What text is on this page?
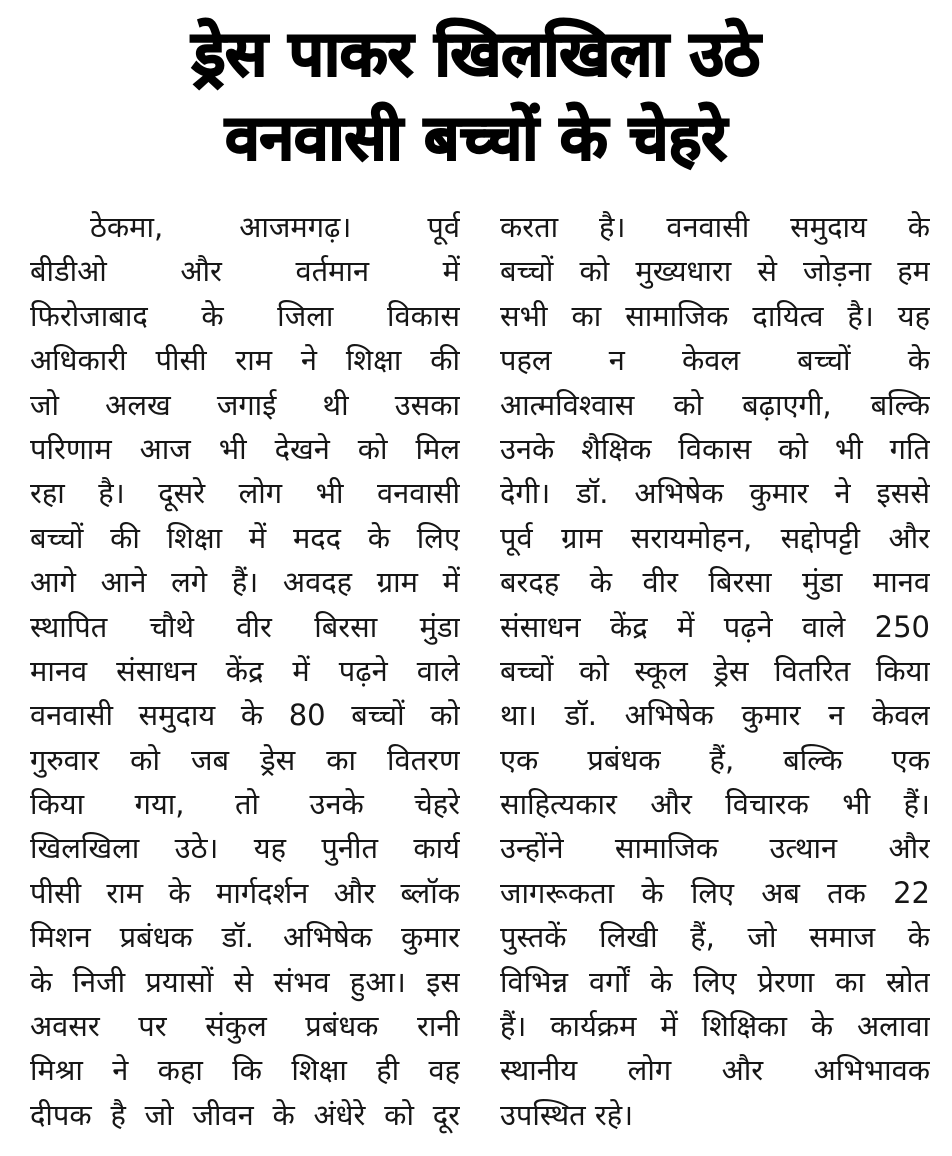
ड्रेस पाकर खिलखिला उठे
वनवासी बच्चों के चेहरे
ठेकमा, आजमगढ़। पूर्व
बीडीओ और वर्तमान में
फिरोजाबाद के जिला विकास
अधिकारी पीसी राम ने शिक्षा की
जो अलख जगाई थी उसका
परिणाम आज भी देखने को मिल
रहा है। दूसरे लोग भी वनवासी
बच्चों की शिक्षा में मदद के लिए
आगे आने लगे हैं। अवदह ग्राम में
स्थापित चौथे वीर बिरसा मुंडा
मानव संसाधन केंद्र में पढ़ने वाले
वनवासी समुदाय के 80 बच्चों को
गुरुवार को जब ड्रेस का वितरण
किया गया, तो उनके चेहरे
खिलखिला उठे। यह पुनीत कार्य
पीसी राम के मार्गदर्शन और ब्लॉक
मिशन प्रबंधक डॉ. अभिषेक कुमार
के निजी प्रयासों से संभव हुआ। इस
अवसर पर संकुल प्रबंधक रानी
मिश्रा ने कहा कि शिक्षा ही वह
दीपक है जो जीवन के अंधेरे को दूर
करता है। वनवासी समुदाय के
बच्चों को मुख्यधारा से जोड़ना हम
सभी का सामाजिक दायित्व है। यह
पहल न केवल बच्चों के
आत्मविश्वास को बढ़ाएगी, बल्कि
उनके शैक्षिक विकास को भी गति
देगी। डॉ. अभिषेक कुमार ने इससे
पूर्व ग्राम सरायमोहन, सद्दोपट्टी और
बरदह के वीर बिरसा मुंडा मानव
संसाधन केंद्र में पढ़ने वाले 250
बच्चों को स्कूल ड्रेस वितरित किया
था। डॉ. अभिषेक कुमार न केवल
एक प्रबंधक हैं, बल्कि एक
साहित्यकार और विचारक भी हैं।
उन्होंने सामाजिक उत्थान और
जागरूकता के लिए अब तक 22
पुस्तकें लिखी हैं, जो समाज के
विभिन्न वर्गों के लिए प्रेरणा का स्रोत
हैं। कार्यक्रम में शिक्षिका के अलावा
स्थानीय लोग और अभिभावक
उपस्थित रहे।
